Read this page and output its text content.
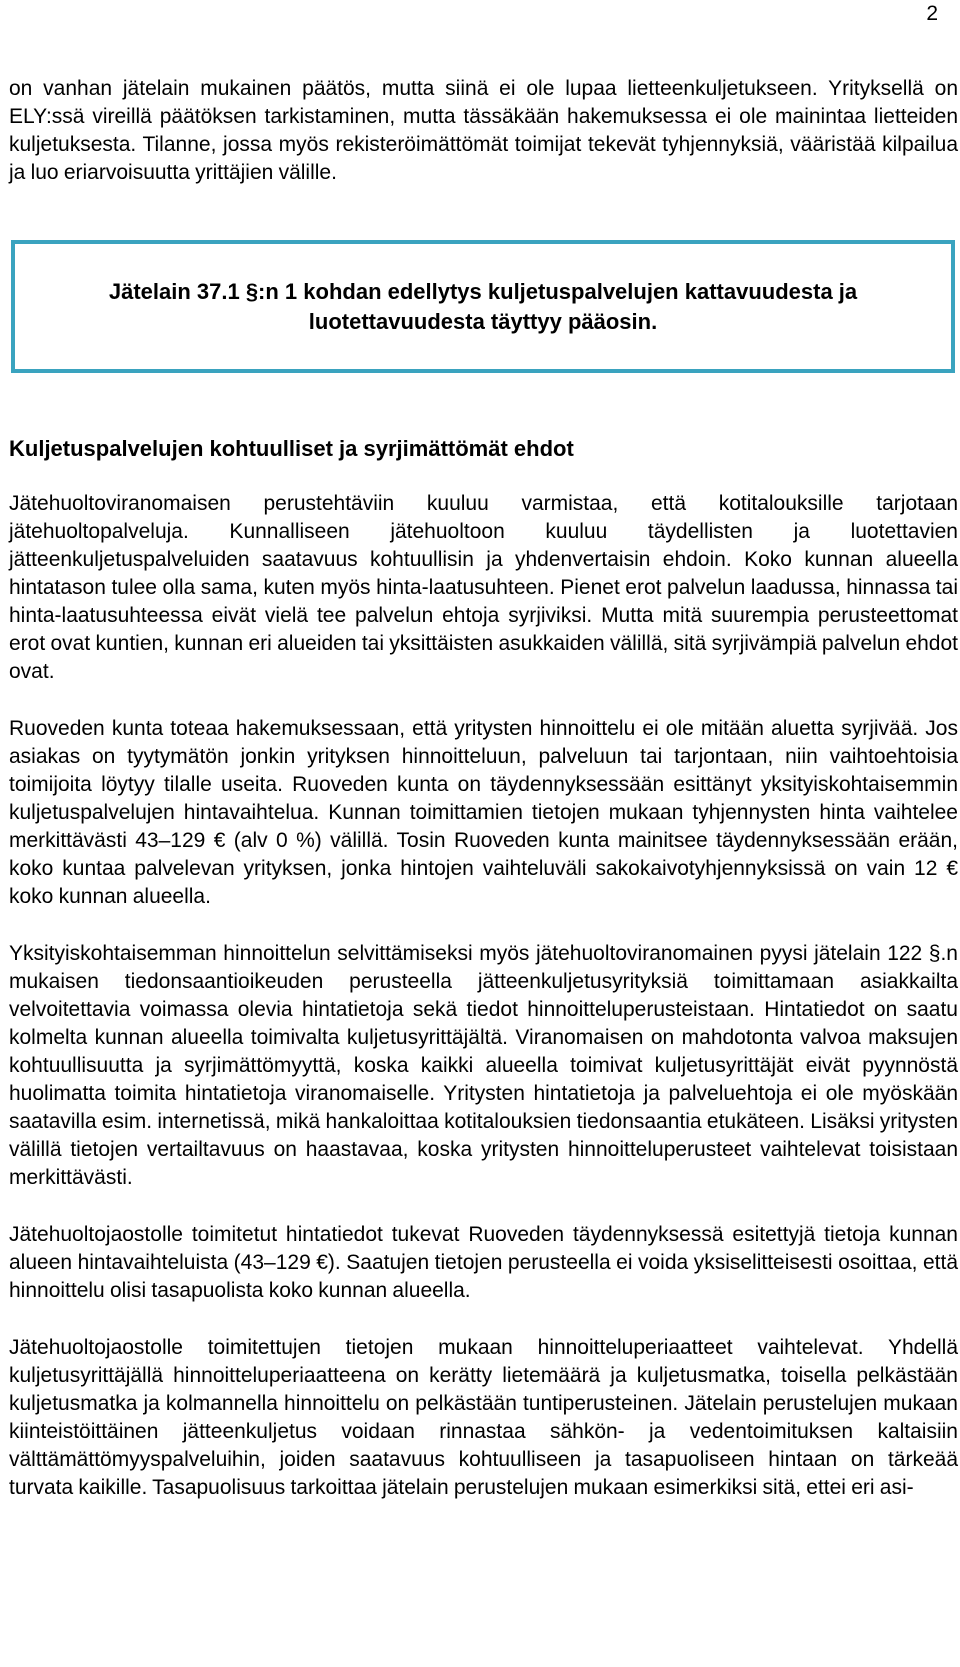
2

on vanhan jätelain mukainen päätös, mutta siinä ei ole lupaa lietteenkuljetukseen. Yrityksellä on ELY:ssä vireillä päätöksen tarkistaminen, mutta tässäkään hakemuksessa ei ole mainintaa lietteiden kuljetuksesta. Tilanne, jossa myös rekisteröimättömät toimijat tekevät tyhjennyksiä, vääristää kilpailua ja luo eriarvoisuutta yrittäjien välille.

Jätelain 37.1 §:n 1 kohdan edellytys kuljetuspalvelujen kattavuudesta ja luotettavuudesta täyttyy pääosin.
Kuljetuspalvelujen kohtuulliset ja syrjimättömät ehdot

Jätehuoltoviranomaisen perustehtäviin kuuluu varmistaa, että kotitalouksille tarjotaan jätehuoltopalveluja. Kunnalliseen jätehuoltoon kuuluu täydellisten ja luotettavien jätteenkuljetuspalveluiden saatavuus kohtuullisin ja yhdenvertaisin ehdoin. Koko kunnan alueella hintatason tulee olla sama, kuten myös hinta-laatusuhteen. Pienet erot palvelun laadussa, hinnassa tai hinta-laatusuhteessa eivät vielä tee palvelun ehtoja syrjiviksi. Mutta mitä suurempia perusteettomat erot ovat kuntien, kunnan eri alueiden tai yksittäisten asukkaiden välillä, sitä syrjivämpiä palvelun ehdot ovat.

Ruoveden kunta toteaa hakemuksessaan, että yritysten hinnoittelu ei ole mitään aluetta syrjivää. Jos asiakas on tyytymätön jonkin yrityksen hinnoitteluun, palveluun tai tarjontaan, niin vaihtoehtoisia toimijoita löytyy tilalle useita. Ruoveden kunta on täydennyksessään esittänyt yksityiskohtaisemmin kuljetuspalvelujen hintavaihtelua. Kunnan toimittamien tietojen mukaan tyhjennysten hinta vaihtelee merkittävästi 43–129 € (alv 0 %) välillä. Tosin Ruoveden kunta mainitsee täydennyksessään erään, koko kuntaa palvelevan yrityksen, jonka hintojen vaihteluväli sakokaivotyhjennyksissä on vain 12 € koko kunnan alueella.

Yksityiskohtaisemman hinnoittelun selvittämiseksi myös jätehuoltoviranomainen pyysi jätelain 122 §.n mukaisen tiedonsaantioikeuden perusteella jätteenkuljetusyrityksiä toimittamaan asiakkailta velvoitettavia voimassa olevia hintatietoja sekä tiedot hinnoitteluperusteistaan. Hintatiedot on saatu kolmelta kunnan alueella toimivalta kuljetusyrittäjältä. Viranomaisen on mahdotonta valvoa maksujen kohtuullisuutta ja syrjimättömyyttä, koska kaikki alueella toimivat kuljetusyrittäjät eivät pyynnöstä huolimatta toimita hintatietoja viranomaiselle. Yritysten hintatietoja ja palveluehtoja ei ole myöskään saatavilla esim. internetissä, mikä hankaloittaa kotitalouksien tiedonsaantia etukäteen. Lisäksi yritysten välillä tietojen vertailtavuus on haastavaa, koska yritysten hinnoitteluperusteet vaihtelevat toisistaan merkittävästi.

Jätehuoltojaostolle toimitetut hintatiedot tukevat Ruoveden täydennyksessä esitettyjä tietoja kunnan alueen hintavaihteluista (43–129 €). Saatujen tietojen perusteella ei voida yksiselitteisesti osoittaa, että hinnoittelu olisi tasapuolista koko kunnan alueella.

Jätehuoltojaostolle toimitettujen tietojen mukaan hinnoitteluperiaatteet vaihtelevat. Yhdellä kuljetusyrittäjällä hinnoitteluperiaatteena on kerätty lietemäärä ja kuljetusmatka, toisella pelkästään kuljetusmatka ja kolmannella hinnoittelu on pelkästään tuntiperusteinen. Jätelain perustelujen mukaan kiinteistöittäinen jätteenkuljetus voidaan rinnastaa sähkön- ja vedentoimituksen kaltaisiin välttämättömyyspalveluihin, joiden saatavuus kohtuulliseen ja tasapuoliseen hintaan on tärkeää turvata kaikille. Tasapuolisuus tarkoittaa jätelain perustelujen mukaan esimerkiksi sitä, ettei eri asi-
